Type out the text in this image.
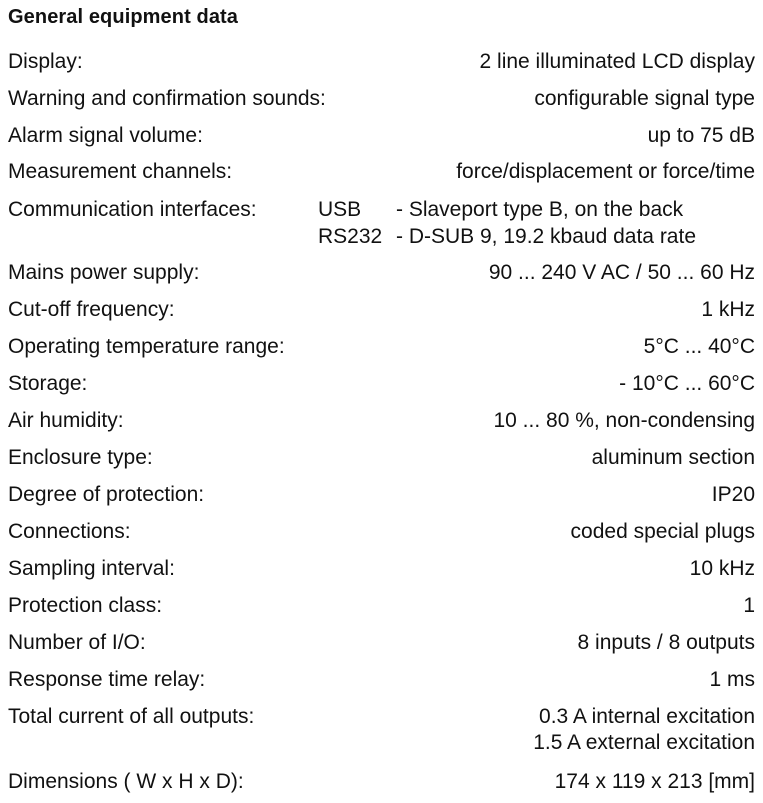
General equipment data
Display:	2 line illuminated LCD display
Warning and confirmation sounds:	configurable signal type
Alarm signal volume:	up to 75 dB
Measurement channels:	force/displacement or force/time
Communication interfaces:	USB - Slaveport type B, on the back
RS232 - D-SUB 9, 19.2 kbaud data rate
Mains power supply:	90 ... 240 V AC / 50 ... 60 Hz
Cut-off frequency:	1 kHz
Operating temperature range:	5°C ... 40°C
Storage:	- 10°C ... 60°C
Air humidity:	10 ... 80 %, non-condensing
Enclosure type:	aluminum section
Degree of protection:	IP20
Connections:	coded special plugs
Sampling interval:	10 kHz
Protection class:	1
Number of I/O:	8 inputs / 8 outputs
Response time relay:	1 ms
Total current of all outputs:	0.3 A internal excitation
1.5 A external excitation
Dimensions ( W x H x D):	174 x 119 x 213 [mm]
